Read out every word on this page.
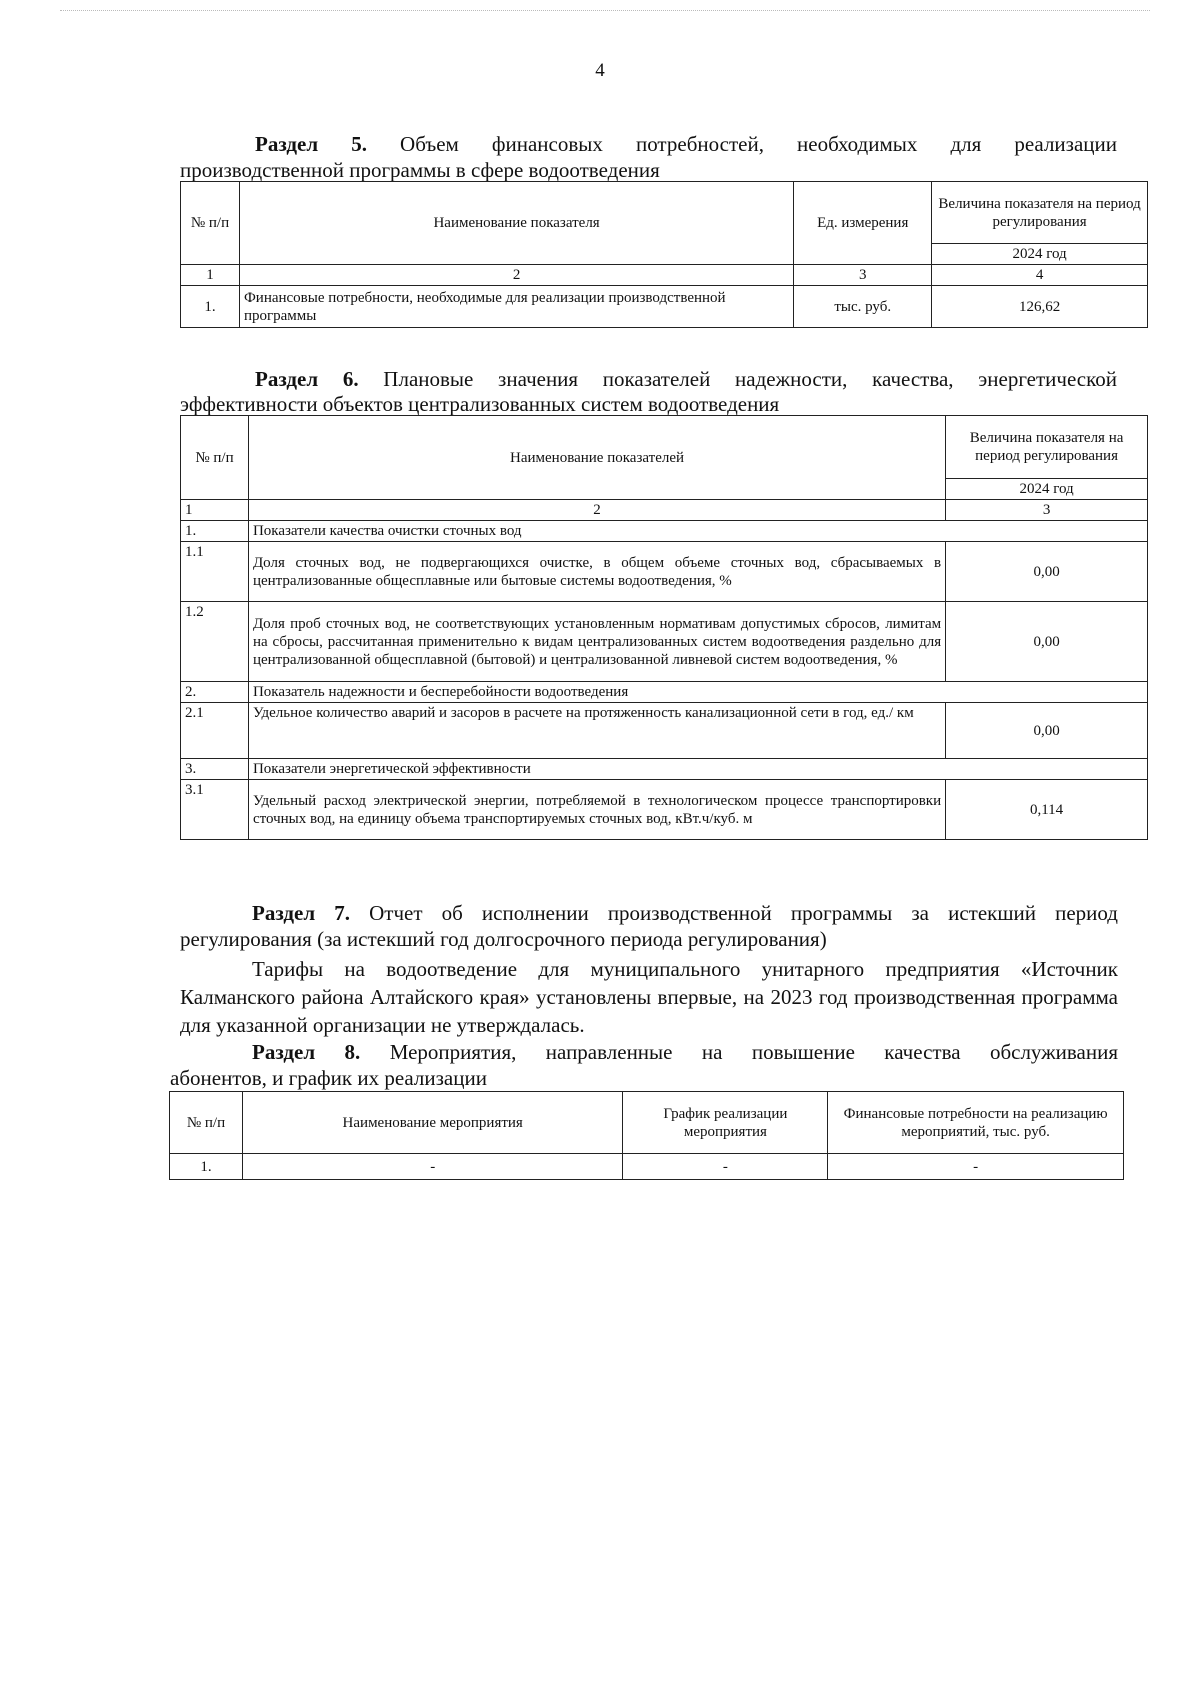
4
Раздел 5. Объем финансовых потребностей, необходимых для реализации
производственной программы в сфере водоотведения
№ п/п	Наименование показателя	Ед. измерения	Величина показателя на период регулирования
			2024 год
1	2	3	4
1.	Финансовые потребности, необходимые для реализации производственной программы	тыс. руб.	126,62
Раздел 6. Плановые значения показателей надежности, качества, энергетической
эффективности объектов централизованных систем водоотведения
№ п/п	Наименование показателей	Величина показателя на период регулирования
		2024 год
1	2	3
1.	Показатели качества очистки сточных вод	
1.1	Доля сточных вод, не подвергающихся очистке, в общем объеме сточных вод, сбрасываемых в централизованные общесплавные или бытовые системы водоотведения, %	0,00
1.2	Доля проб сточных вод, не соответствующих установленным нормативам допустимых сбросов, лимитам на сбросы, рассчитанная применительно к видам централизованных систем водоотведения раздельно для централизованной общесплавной (бытовой) и централизованной ливневой систем водоотведения, %	0,00
2.	Показатель надежности и бесперебойности водоотведения	
2.1	Удельное количество аварий и засоров в расчете на протяженность канализационной сети в год, ед./ км	0,00
3.	Показатели энергетической эффективности	
3.1	Удельный расход электрической энергии, потребляемой в технологическом процессе транспортировки сточных вод, на единицу объема транспортируемых сточных вод, кВт.ч/куб. м	0,114
Раздел 7. Отчет об исполнении производственной программы за истекший период регулирования (за истекший год долгосрочного периода регулирования)
Тарифы на водоотведение для муниципального унитарного предприятия «Источник Калманского района Алтайского края» установлены впервые, на 2023 год производственная программа для указанной организации не утверждалась.
Раздел 8. Мероприятия, направленные на повышение качества обслуживания
абонентов, и график их реализации
№ п/п	Наименование мероприятия	График реализации мероприятия	Финансовые потребности на реализацию мероприятий, тыс. руб.
1.	-	-	-
